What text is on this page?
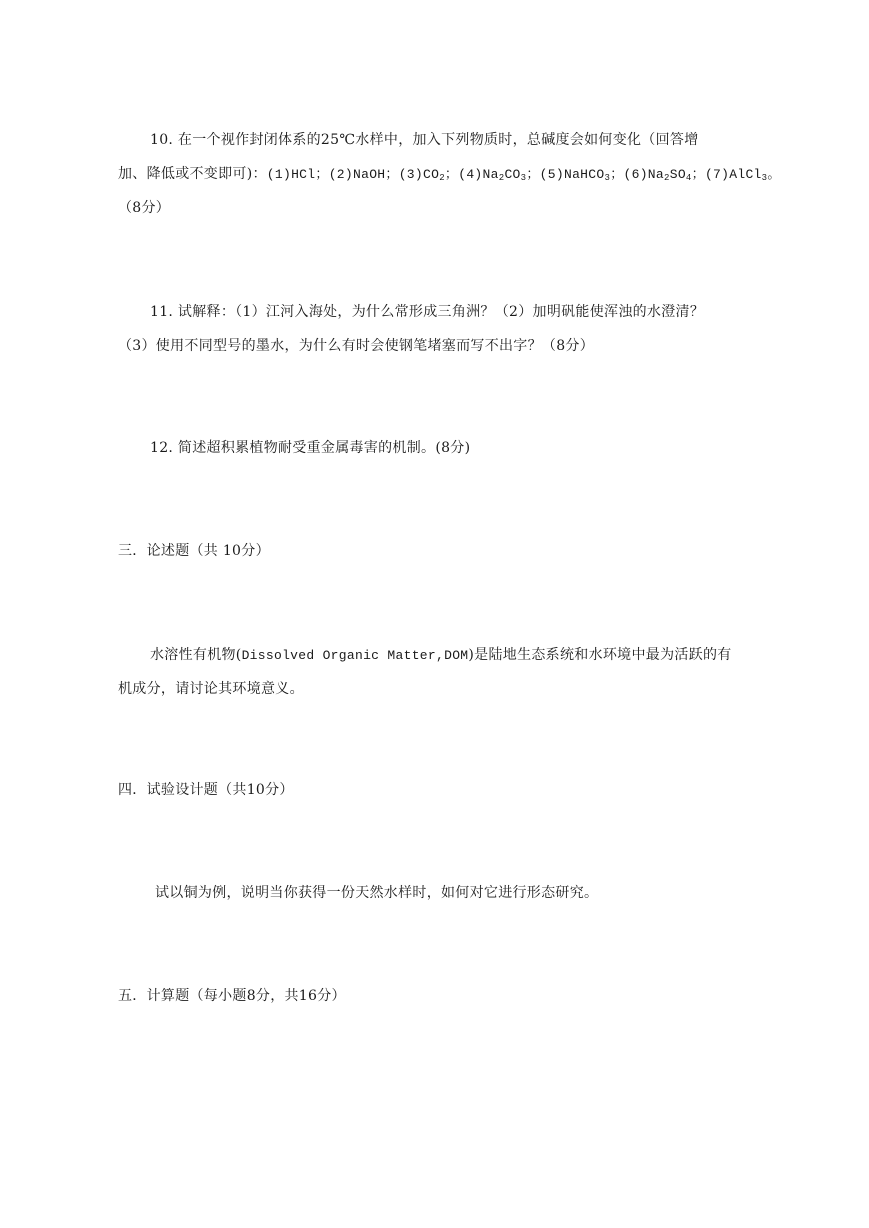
10. 在一个视作封闭体系的25℃水样中，加入下列物质时，总碱度会如何变化（回答增
加、降低或不变即可)：(1)HCl；(2)NaOH；$(3)CO_2$；$(4)Na_2CO_3$；(5)NaHCO$_3$；$(6)Na_2SO_4$；(7)AlCl$_3$。
（8分）
11. 试解释：（1）江河入海处，为什么常形成三角洲？（2）加明矾能使浑浊的水澄清？
（3）使用不同型号的墨水，为什么有时会使钢笔堵塞而写不出字？（8分）
12. 简述超积累植物耐受重金属毒害的机制。(8分)
三．论述题（共 10分）
水溶性有机物(Dissolved Organic Matter,DOM)是陆地生态系统和水环境中最为活跃的有
机成分，请讨论其环境意义。
四．试验设计题（共10分）
试以铜为例，说明当你获得一份天然水样时，如何对它进行形态研究。
五．计算题（每小题8分，共16分）
